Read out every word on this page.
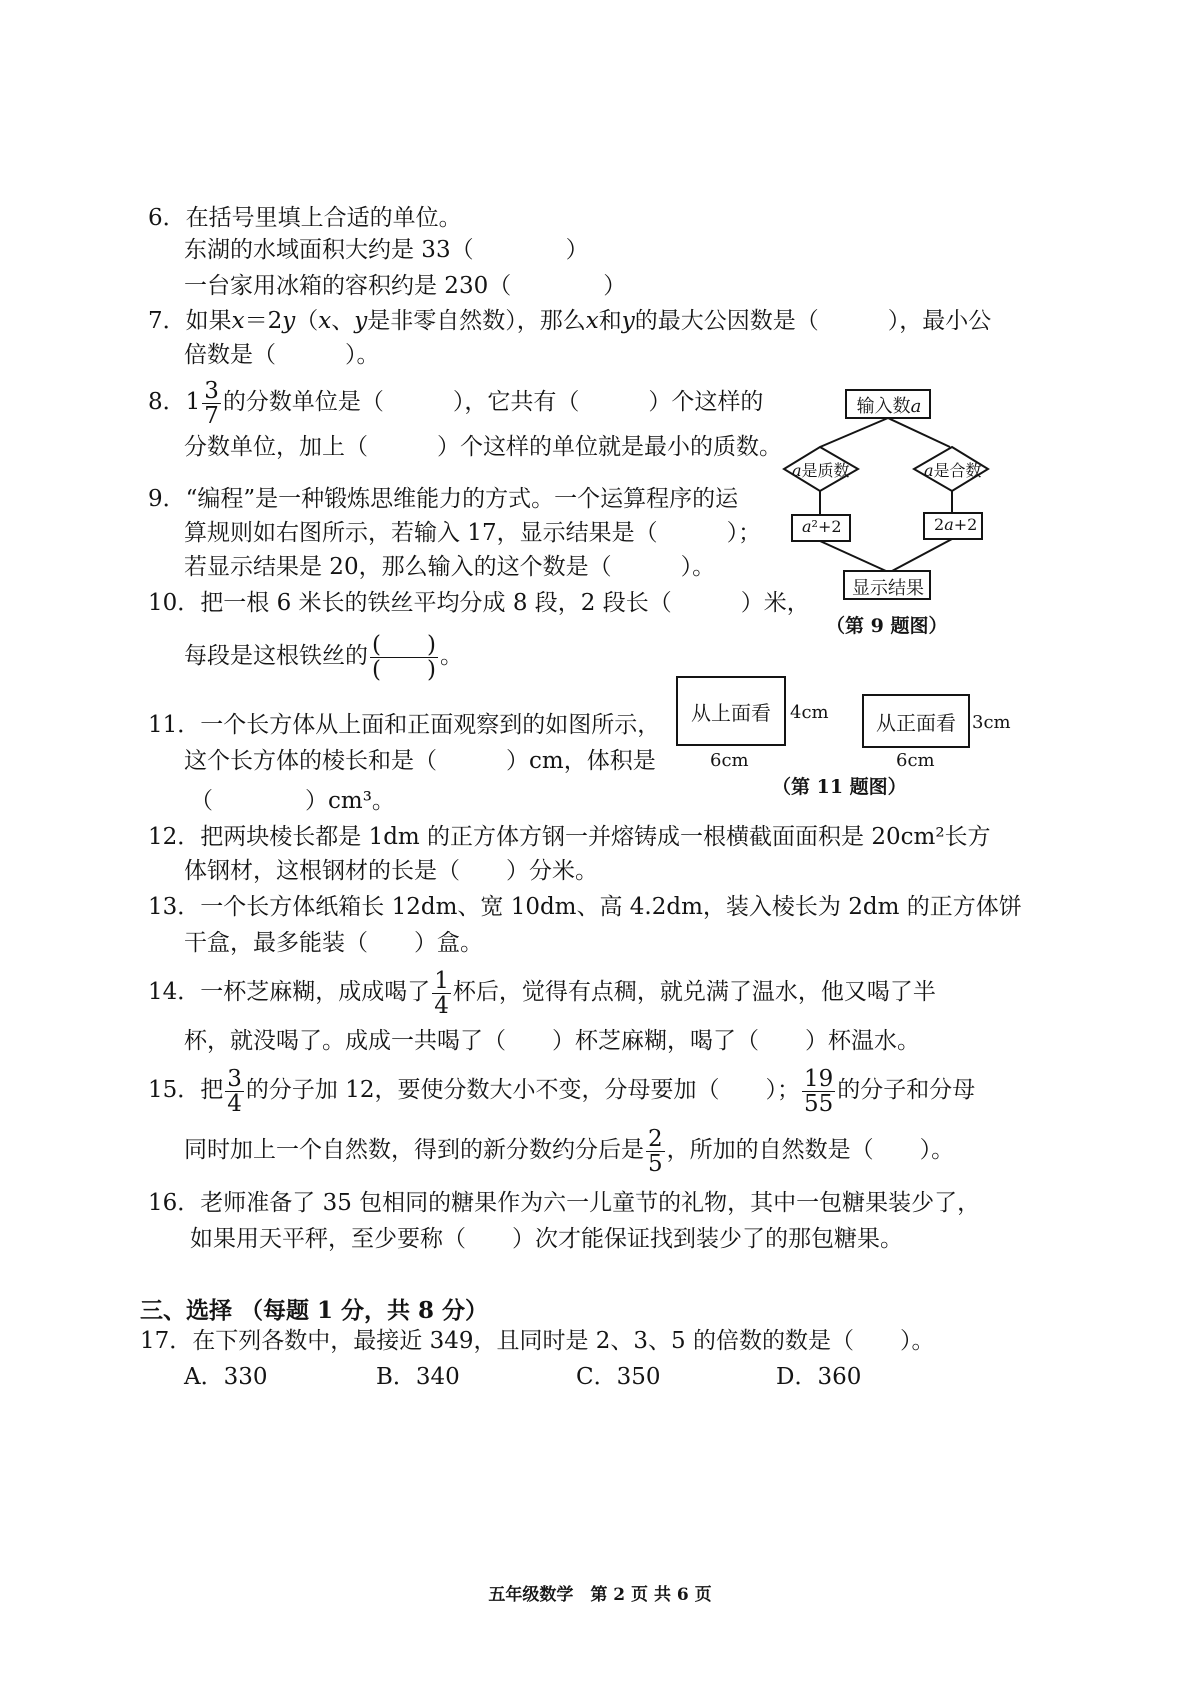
6．在括号里填上合适的单位。
东湖的水域面积大约是 33（　　　　）
一台家用冰箱的容积约是 230（　　　　）
7．如果x＝2y（x、y是非零自然数），那么x和y的最大公因数是（　　　），最小公
倍数是（　　　）。
8．$1 \frac{3}{7}$ 的分数单位是（　　　），它共有（　　　）个这样的
分数单位，加上（　　　）个这样的单位就是最小的质数。
9．“编程”是一种锻炼思维能力的方式。一个运算程序的运
算规则如右图所示，若输入 17，显示结果是（　　　）；
若显示结果是 20，那么输入的这个数是（　　　）。
输入数a
a是质数	a是合数
a²+2	2a+2
显示结果
（第 9 题图）
10．把一根 6 米长的铁丝平均分成 8 段，2 段长（　　　）米，
每段是这根铁丝的 $\frac{( )}{( )}$ 。
11．一个长方体从上面和正面观察到的如图所示，
这个长方体的棱长和是（　　　）cm，体积是
（　　　　）cm³。
从上面看	4cm
6cm
从正面看 3cm
6cm
（第 11 题图）
12．把两块棱长都是 1dm 的正方体方钢一并熔铸成一根横截面面积是 20cm²长方
体钢材，这根钢材的长是（　　）分米。
13．一个长方体纸箱长 12dm、宽 10dm、高 4.2dm，装入棱长为 2dm 的正方体饼
干盒，最多能装（　　）盒。
14．一杯芝麻糊，成成喝了 $\frac{1}{4}$ 杯后，觉得有点稠，就兑满了温水，他又喝了半
杯，就没喝了。成成一共喝了（　　）杯芝麻糊，喝了（　　）杯温水。
15．把 $\frac{3}{4}$ 的分子加 12，要使分数大小不变，分母要加（　　）； $\frac{19}{55}$ 的分子和分母
同时加上一个自然数，得到的新分数约分后是 $\frac{2}{5}$ ，所加的自然数是（　　）。
16．老师准备了 35 包相同的糖果作为六一儿童节的礼物，其中一包糖果装少了，
如果用天平秤，至少要称（　　）次才能保证找到装少了的那包糖果。
三、选择 （每题 1 分，共 8 分）
17．在下列各数中，最接近 349，且同时是 2、3、5 的倍数的数是（　　）。
A．330	B．340	C．350	D．360
五年级数学　第 2 页 共 6 页
